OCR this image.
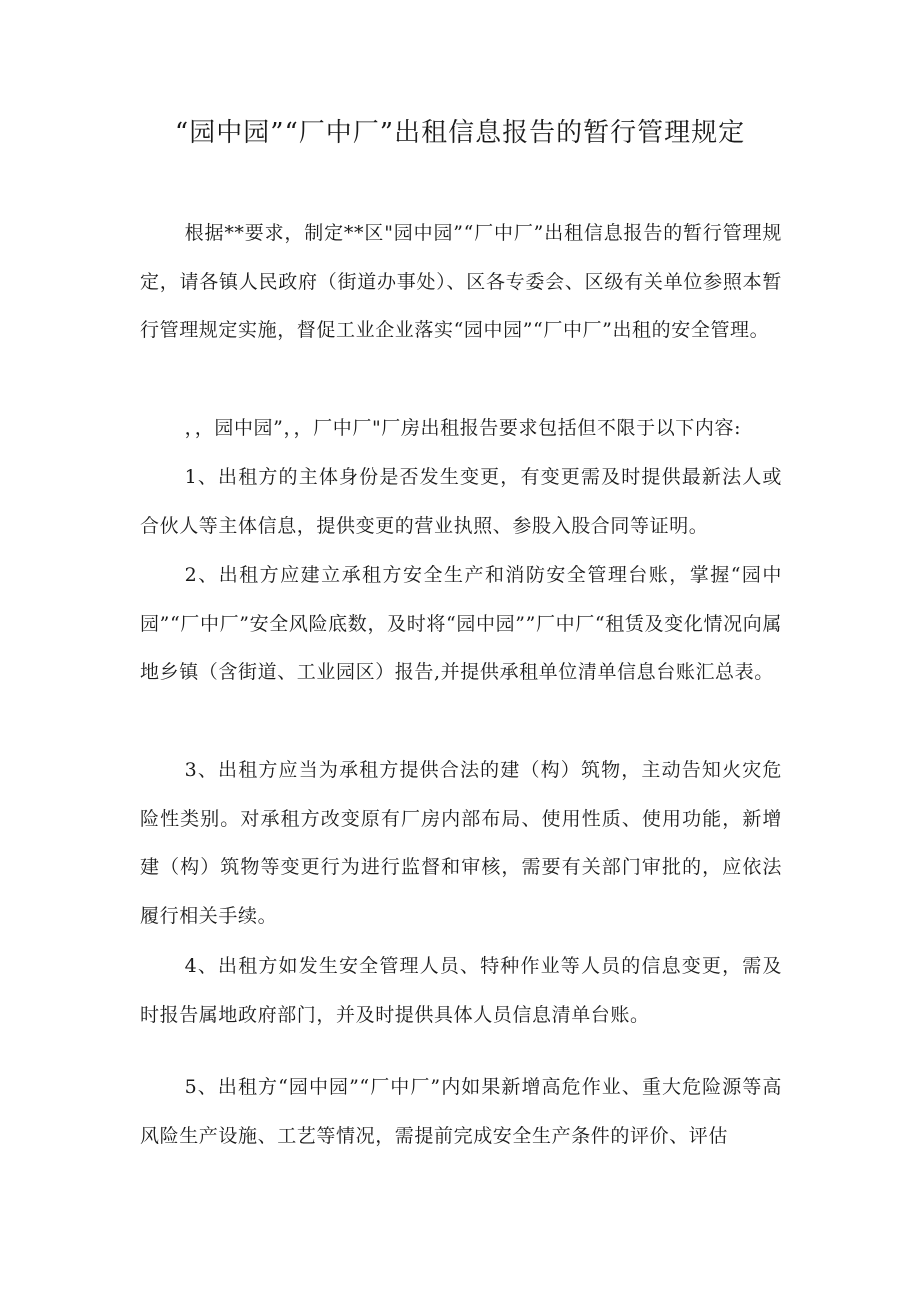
“园中园”“厂中厂”出租信息报告的暂行管理规定

根据**要求，制定**区"园中园”“厂中厂”出租信息报告的暂行管理规定，请各镇人民政府（街道办事处）、区各专委会、区级有关单位参照本暂行管理规定实施，督促工业企业落实“园中园”“厂中厂”出租的安全管理。

，，园中园”，，厂中厂"厂房出租报告要求包括但不限于以下内容:

1、出租方的主体身份是否发生变更，有变更需及时提供最新法人或合伙人等主体信息，提供变更的营业执照、参股入股合同等证明。

2、出租方应建立承租方安全生产和消防安全管理台账，掌握“园中园”“厂中厂”安全风险底数，及时将“园中园””厂中厂“租赁及变化情况向属地乡镇（含街道、工业园区）报告,并提供承租单位清单信息台账汇总表。

3、出租方应当为承租方提供合法的建（构）筑物，主动告知火灾危险性类别。对承租方改变原有厂房内部布局、使用性质、使用功能，新增建（构）筑物等变更行为进行监督和审核，需要有关部门审批的，应依法履行相关手续。

4、出租方如发生安全管理人员、特种作业等人员的信息变更，需及时报告属地政府部门，并及时提供具体人员信息清单台账。

5、出租方“园中园”“厂中厂”内如果新增高危作业、重大危险源等高风险生产设施、工艺等情况，需提前完成安全生产条件的评价、评估
